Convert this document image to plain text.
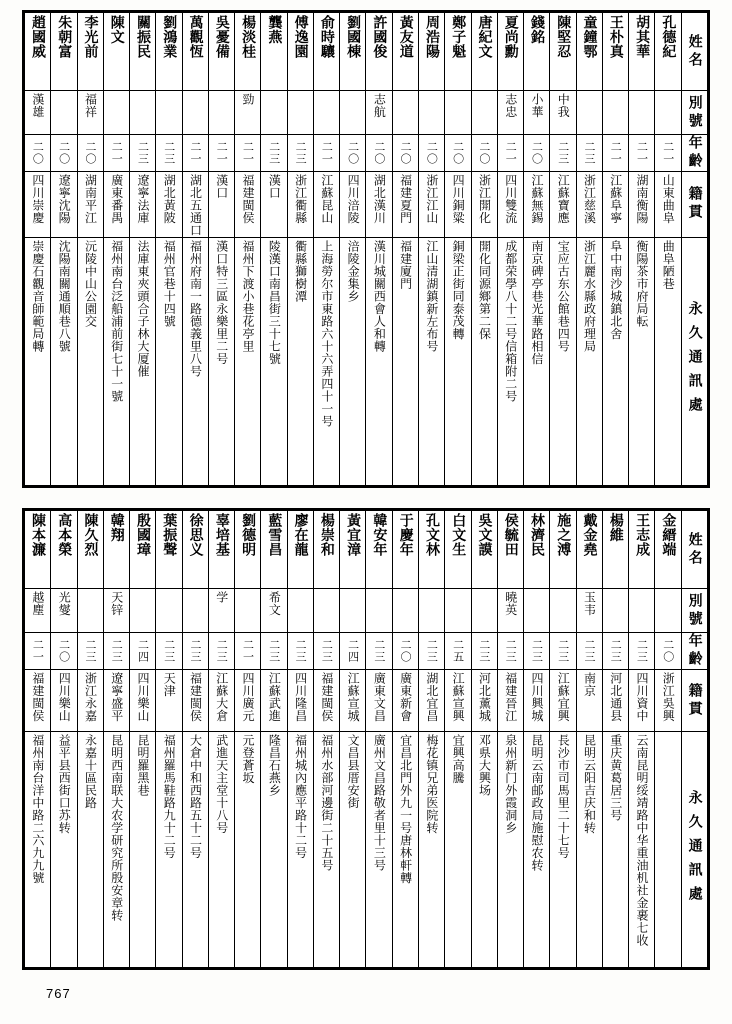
趙國威	朱朝富	李光前	陳文	關振民	劉鴻業	萬觀恆	吳憂備	楊淡桂	龔燕	傅逸園	俞時驤	劉國棟	許國俊	黃友道	周浩陽	鄭子魁	唐紀文	夏尚勳	錢銘	陳堅忍	童鐘鄂	王朴真	胡其華	孔德紀	姓名

漢雄		福祥						勁					志航					志忠	小華	中我					別號

二〇	二〇	二〇	二一	二三	二三	二一	二一	二一	二三	二三	二一	二〇	二〇	二〇	二〇	二〇	二〇	二一	二〇	二三	二三	二一	二一	二一	年齡

四川崇慶	遼寧沈陽	湖南平江	廣東番禺	遼寧法庫	湖北黃陂	湖北五通口	漢口	福建閩侯	漢口	浙江衢縣	江蘇昆山	四川涪陵	湖北漢川	福建夏門	浙江江山	四川銅粱	浙江開化	四川雙流	江蘇無錫	江蘇寶應	浙江慈溪	江蘇阜寧	湖南衡陽	山東曲阜	籍貫

崇慶石觀音師範局轉	沈陽南關通順巷八號	沅陵中山公園交	福州南台泛船浦前街七十一號	法庫東夾頭合子林大厦催	福州官巷十四號	福州府南一路德義里八号	漢口特三區永樂里二号	福州下渡小巷花亭里	陵漢口南昌街三十七號	衢縣獅樹潭	上海勞尔市東路六十六弄四十一号	涪陵金集乡	漢川城關西會人和轉	福建廈門	江山清湖鎮新左布号	銅梁正街同泰茂轉	開化同源鄉第二保	成都荣學八十二号信箱附二号	南京碑亭巷光華路相信	宝应古东公館巷四号	浙江麗水縣政府理局	阜中南沙城鎮北舍	衡陽茶市府局転	曲阜陋巷	永久通訊處
陳本濂	高本榮	陳久烈	韓翔	殷國璋	葉振聲	徐思义	辜培基	劉德明	藍雪昌	廖在龍	楊崇和	黃宜漳	韓安年	于慶年	孔文林	白文生	吳文謨	侯毓田	林濟民	施之溥	戴金堯	楊維	王志成	金縉端	姓名

越塵	光燮		天锌				学		希文									曉英			玉韦				別號

二一	二〇	二三	二三	二四	二三	二三	二三	二一	二三	二三	二三	二四	二三	二〇	二三	二五	二三	二三	二三	二三	二三	二三	二三	二〇	年齡

福建閩侯	四川樂山	浙江永嘉	遼寧盛平	四川樂山	天津	福建閩侯	江蘇大倉	四川廣元	江蘇武進	四川隆昌	福建閩侯	江蘇宣城	廣東文昌	廣東新會	湖北宜昌	江蘇宣興	河北薰城	福建晉江	四川興城	江蘇宜興	南京	河北通县	四川資中	浙江吳興	籍貫

福州南台洋中路二六九九號	益平县西街口苏转	永嘉十區民路	昆明西南联大农学研究所殷安章转	昆明羅黑巷	福州羅馬鞋路九十二号	大倉中和西路五十二号	武進天主堂十八号	元登蒼坂	隆昌石燕乡	福州城內應平路十二号	福州水部河邊街二十五号	文昌县厝安街	廣州文昌路敬者里十三号	宜昌北門外九一号唐林軒轉	梅花镇兄弟医院转	宜興高騰	邓県大興场	泉州新门外霞洞乡	昆明云南邮政局施慰农转	長沙市司馬里二十七号	昆明云阳吉庆和转	重庆黄葛居三号	云南昆明绥靖路中华重油机社金裹七收		永久通訊處
767
